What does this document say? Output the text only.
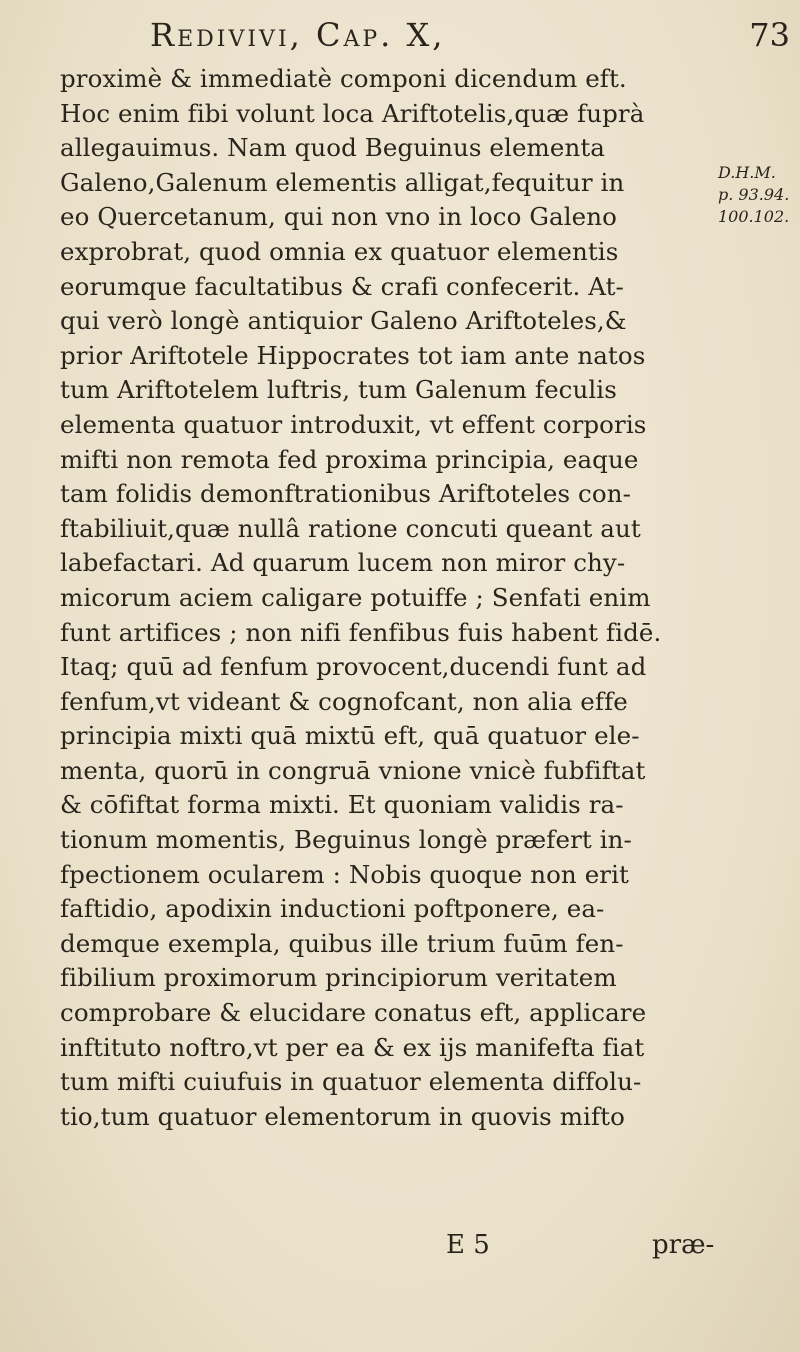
Redivivi, Cap. X,	73
proximè & immediatè componi dicendum eft.
Hoc enim fibi volunt loca Ariftotelis,quæ fuprà
allegauimus. Nam quod Beguinus elementa
Galeno,Galenum elementis alligat,fequitur in
eo Quercetanum, qui non vno in loco Galeno
exprobrat, quod omnia ex quatuor elementis
eorumque facultatibus & crafi confecerit. At-
qui verò longè antiquior Galeno Ariftoteles,&
prior Ariftotele Hippocrates tot iam ante natos
tum Ariftotelem luftris, tum Galenum feculis
elementa quatuor introduxit, vt effent corporis
mifti non remota fed proxima principia, eaque
tam folidis demonftrationibus Ariftoteles con-
ftabiliuit,quæ nullâ ratione concuti queant aut
labefactari. Ad quarum lucem non miror chy-
micorum aciem caligare potuiffe ; Senfati enim
funt artifices ; non nifi fenfibus fuis habent fidē.
Itaq; quū ad fenfum provocent,ducendi funt ad
fenfum,vt videant & cognofcant, non alia effe
principia mixti quā mixtū eft, quā quatuor ele-
menta, quorū in congruā vnione vnicè fubfiftat
& cōfiftat forma mixti. Et quoniam validis ra-
tionum momentis, Beguinus longè præfert in-
fpectionem ocularem : Nobis quoque non erit
faftidio, apodixin inductioni poftponere, ea-
demque exempla, quibus ille trium fuūm fen-
fibilium proximorum principiorum veritatem
comprobare & elucidare conatus eft, applicare
inftituto noftro,vt per ea & ex ijs manifefta fiat
tum mifti cuiufuis in quatuor elementa diffolu-
tio,tum quatuor elementorum in quovis mifto
D.H.M.
p. 93.94.
100.102.
E 5	præ-
